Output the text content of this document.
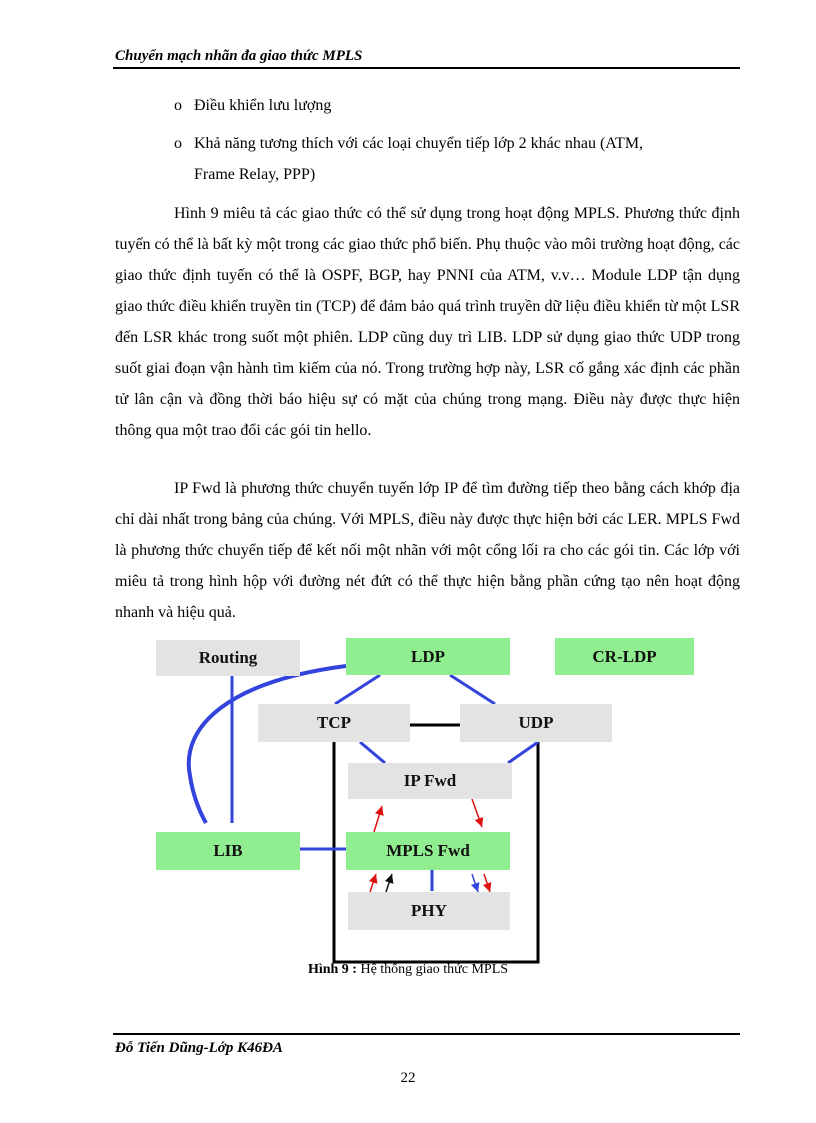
Chuyển mạch nhãn đa giao thức MPLS
o Điều khiển lưu lượng
o Khả năng tương thích với các loại chuyển tiếp lớp 2 khác nhau (ATM,
Frame Relay, PPP)

Hình 9 miêu tả các giao thức có thể sử dụng trong hoạt động MPLS. Phương thức định tuyến có thể là bất kỳ một trong các giao thức phổ biến. Phụ thuộc vào môi trường hoạt động, các giao thức định tuyến có thể là OSPF, BGP, hay PNNI của ATM, v.v… Module LDP tận dụng giao thức điều khiển truyền tin (TCP) để đảm bảo quá trình truyền dữ liệu điều khiển từ một LSR đến LSR khác trong suốt một phiên. LDP cũng duy trì LIB. LDP sử dụng giao thức UDP trong suốt giai đoạn vận hành tìm kiếm của nó. Trong trường hợp này, LSR cố gắng xác định các phần tử lân cận và đồng thời báo hiệu sự có mặt của chúng trong mạng. Điều này được thực hiện thông qua một trao đổi các gói tin hello.

IP Fwd là phương thức chuyển tuyến lớp IP để tìm đường tiếp theo bằng cách khớp địa chỉ dài nhất trong bảng của chúng. Với MPLS, điều này được thực hiện bởi các LER. MPLS Fwd là phương thức chuyển tiếp để kết nối một nhãn với một cổng lối ra cho các gói tin. Các lớp với miêu tả trong hình hộp với đường nét đứt có thể thực hiện bằng phần cứng tạo nên hoạt động nhanh và hiệu quả.

Routing	LDP	CR-LDP
TCP	UDP
IP Fwd
LIB	MPLS Fwd
PHY
Hình 9 : Hệ thống giao thức MPLS
Đỗ Tiến Dũng-Lớp K46ĐA
22
